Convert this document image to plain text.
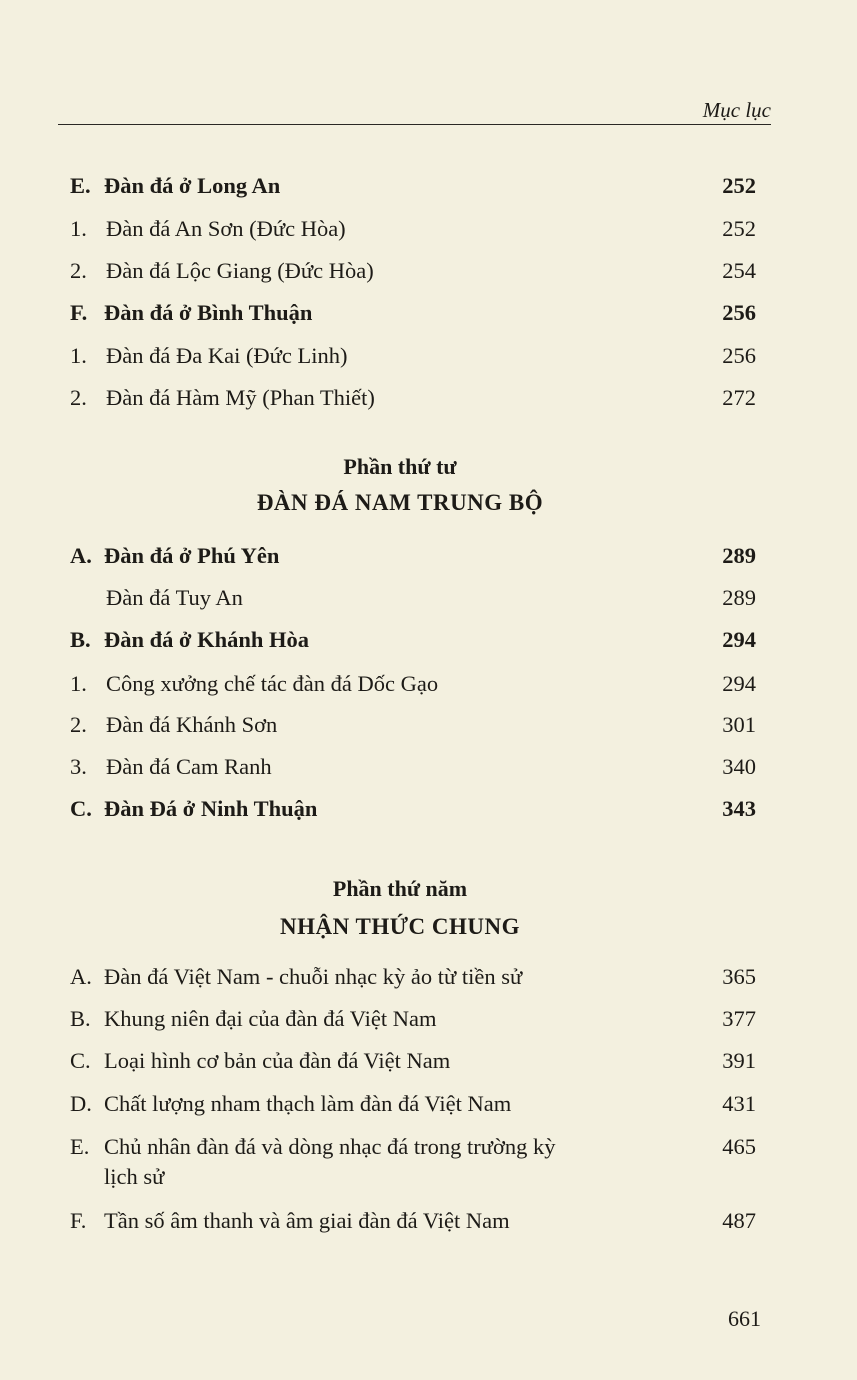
Mục lục
E. Đàn đá ở Long An	252
1. Đàn đá An Sơn (Đức Hòa)	252
2. Đàn đá Lộc Giang (Đức Hòa)	254
F. Đàn đá ở Bình Thuận	256
1. Đàn đá Đa Kai (Đức Linh)	256
2. Đàn đá Hàm Mỹ (Phan Thiết)	272
Phần thứ tư
ĐÀN ĐÁ NAM TRUNG BỘ
A. Đàn đá ở Phú Yên	289
Đàn đá Tuy An	289
B. Đàn đá ở Khánh Hòa	294
1. Công xưởng chế tác đàn đá Dốc Gạo	294
2. Đàn đá Khánh Sơn	301
3. Đàn đá Cam Ranh	340
C. Đàn Đá ở Ninh Thuận	343
Phần thứ năm
NHẬN THỨC CHUNG
A. Đàn đá Việt Nam - chuỗi nhạc kỳ ảo từ tiền sử	365
B. Khung niên đại của đàn đá Việt Nam	377
C. Loại hình cơ bản của đàn đá Việt Nam	391
D. Chất lượng nham thạch làm đàn đá Việt Nam	431
E. Chủ nhân đàn đá và dòng nhạc đá trong trường kỳ	465
lịch sử
F. Tần số âm thanh và âm giai đàn đá Việt Nam	487
661
